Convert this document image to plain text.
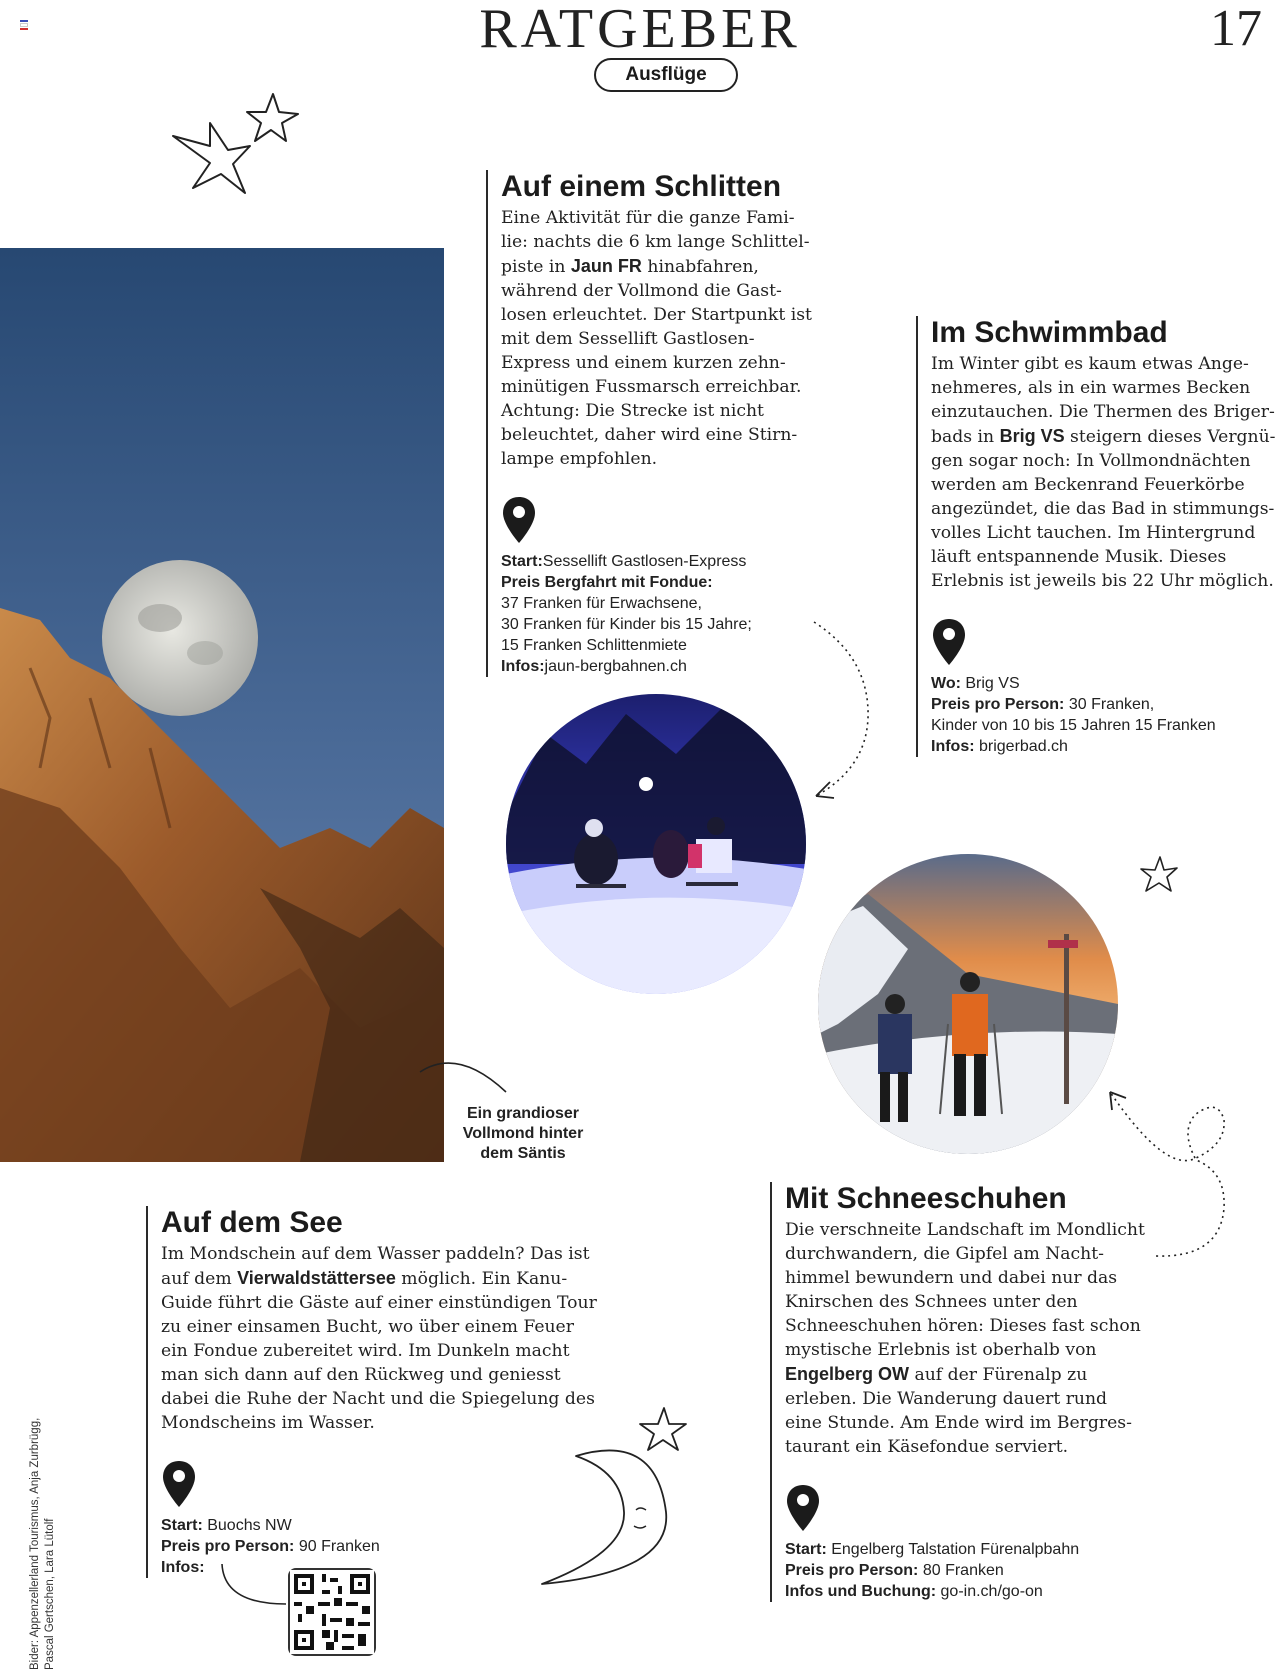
RATGEBER	17
Ausflüge
Ein grandioser
Vollmond hinter
dem Säntis
Auf einem Schlitten

Eine Aktivität für die ganze Fami-
lie: nachts die 6 km lange Schlittel-
piste in Jaun FR hinabfahren,
während der Vollmond die Gast-
losen erleuchtet. Der Startpunkt ist
mit dem Sessellift Gastlosen-
Express und einem kurzen zehn-
minütigen Fussmarsch erreichbar.
Achtung: Die Strecke ist nicht
beleuchtet, daher wird eine Stirn-
lampe empfohlen.

Start:Sessellift Gastlosen-Express

Preis Bergfahrt mit Fondue:

37 Franken für Erwachsene,

30 Franken für Kinder bis 15 Jahre;

15 Franken Schlittenmiete

Infos:jaun-bergbahnen.ch

Im Schwimmbad

Im Winter gibt es kaum etwas Ange-
nehmeres, als in ein warmes Becken
einzutauchen. Die Thermen des Briger-
bads in Brig VS steigern dieses Vergnü-
gen sogar noch: In Vollmondnächten
werden am Beckenrand Feuerkörbe
angezündet, die das Bad in stimmungs-
volles Licht tauchen. Im Hintergrund
läuft entspannende Musik. Dieses
Erlebnis ist jeweils bis 22 Uhr möglich.

Wo: Brig VS

Preis pro Person: 30 Franken,

Kinder von 10 bis 15 Jahren 15 Franken

Infos: brigerbad.ch

Auf dem See

Im Mondschein auf dem Wasser paddeln? Das ist
auf dem Vierwaldstättersee möglich. Ein Kanu-
Guide führt die Gäste auf einer einstündigen Tour
zu einer einsamen Bucht, wo über einem Feuer
ein Fondue zubereitet wird. Im Dunkeln macht
man sich dann auf den Rückweg und geniesst
dabei die Ruhe der Nacht und die Spiegelung des
Mondscheins im Wasser.

Start: Buochs NW

Preis pro Person: 90 Franken

Infos:

Mit Schneeschuhen

Die verschneite Landschaft im Mondlicht
durchwandern, die Gipfel am Nacht-
himmel bewundern und dabei nur das
Knirschen des Schnees unter den
Schneeschuhen hören: Dieses fast schon
mystische Erlebnis ist oberhalb von
Engelberg OW auf der Fürenalp zu
erleben. Die Wanderung dauert rund
eine Stunde. Am Ende wird im Bergres-
taurant ein Käsefondue serviert.

Start: Engelberg Talstation Fürenalpbahn

Preis pro Person: 80 Franken

Infos und Buchung: go-in.ch/go-on

Bider: Appenzellerland Tourismus, Anja Zurbrügg, Pascal Gertschen, Lara Lütolf
